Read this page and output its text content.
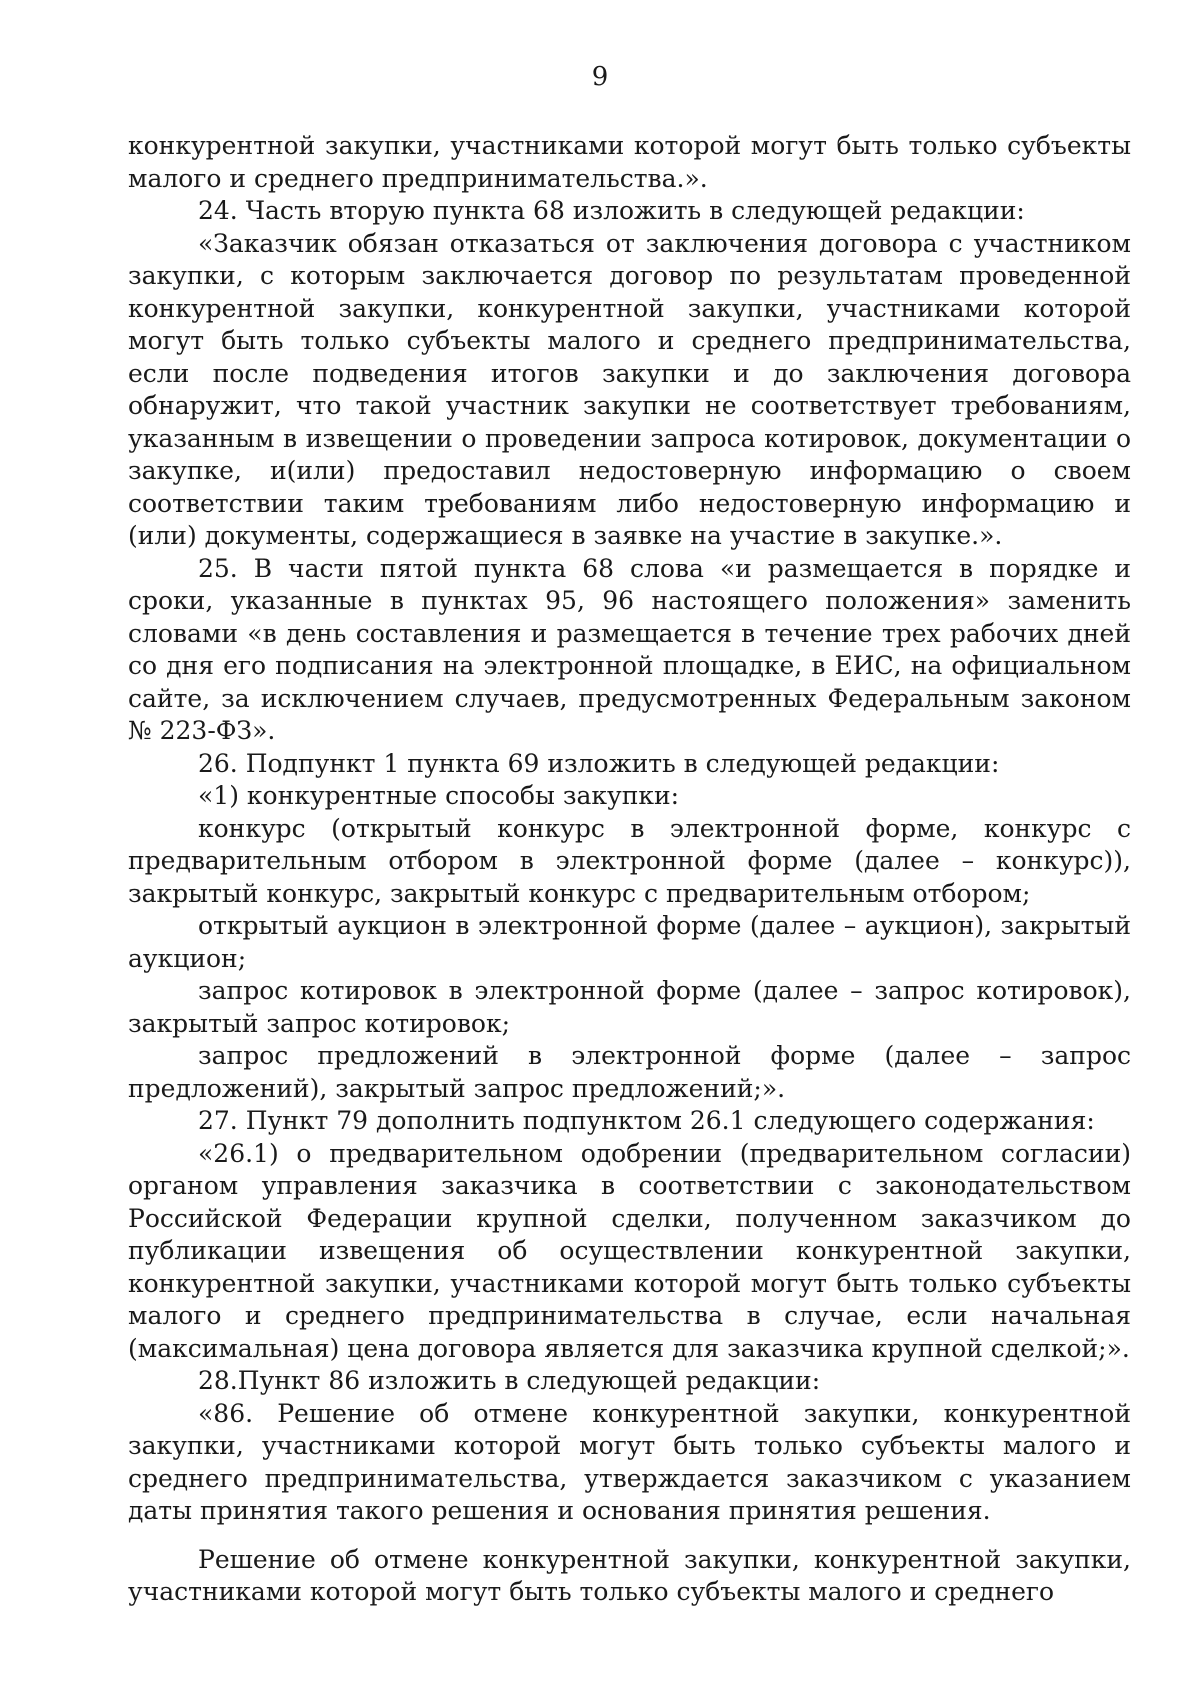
9

конкурентной закупки, участниками которой могут быть только субъекты малого и среднего предпринимательства.».

24. Часть вторую пункта 68 изложить в следующей редакции:

«Заказчик обязан отказаться от заключения договора с участником закупки, с которым заключается договор по результатам проведенной конкурентной закупки, конкурентной закупки, участниками которой могут быть только субъекты малого и среднего предпринимательства, если после подведения итогов закупки и до заключения договора обнаружит, что такой участник закупки не соответствует требованиям, указанным в извещении о проведении запроса котировок, документации о закупке, и(или) предоставил недостоверную информацию о своем соответствии таким требованиям либо недостоверную информацию и (или) документы, содержащиеся в заявке на участие в закупке.».

25. В части пятой пункта 68 слова «и размещается в порядке и сроки, указанные в пунктах 95, 96 настоящего положения» заменить словами «в день составления и размещается в течение трех рабочих дней со дня его подписания на электронной площадке, в ЕИС, на официальном сайте, за исключением случаев, предусмотренных Федеральным законом № 223-ФЗ».

26. Подпункт 1 пункта 69 изложить в следующей редакции:

«1) конкурентные способы закупки:

конкурс (открытый конкурс в электронной форме, конкурс с предварительным отбором в электронной форме (далее – конкурс)), закрытый конкурс, закрытый конкурс с предварительным отбором;

открытый аукцион в электронной форме (далее – аукцион), закрытый аукцион;

запрос котировок в электронной форме (далее – запрос котировок), закрытый запрос котировок;

запрос предложений в электронной форме (далее – запрос предложений), закрытый запрос предложений;».

27. Пункт 79 дополнить подпунктом 26.1 следующего содержания:

«26.1) о предварительном одобрении (предварительном согласии) органом управления заказчика в соответствии с законодательством Российской Федерации крупной сделки, полученном заказчиком до публикации извещения об осуществлении конкурентной закупки, конкурентной закупки, участниками которой могут быть только субъекты малого и среднего предпринимательства в случае, если начальная (максимальная) цена договора является для заказчика крупной сделкой;».

28.Пункт 86 изложить в следующей редакции:

«86. Решение об отмене конкурентной закупки, конкурентной закупки, участниками которой могут быть только субъекты малого и среднего предпринимательства, утверждается заказчиком с указанием даты принятия такого решения и основания принятия решения.

Решение об отмене конкурентной закупки, конкурентной закупки, участниками которой могут быть только субъекты малого и среднего
